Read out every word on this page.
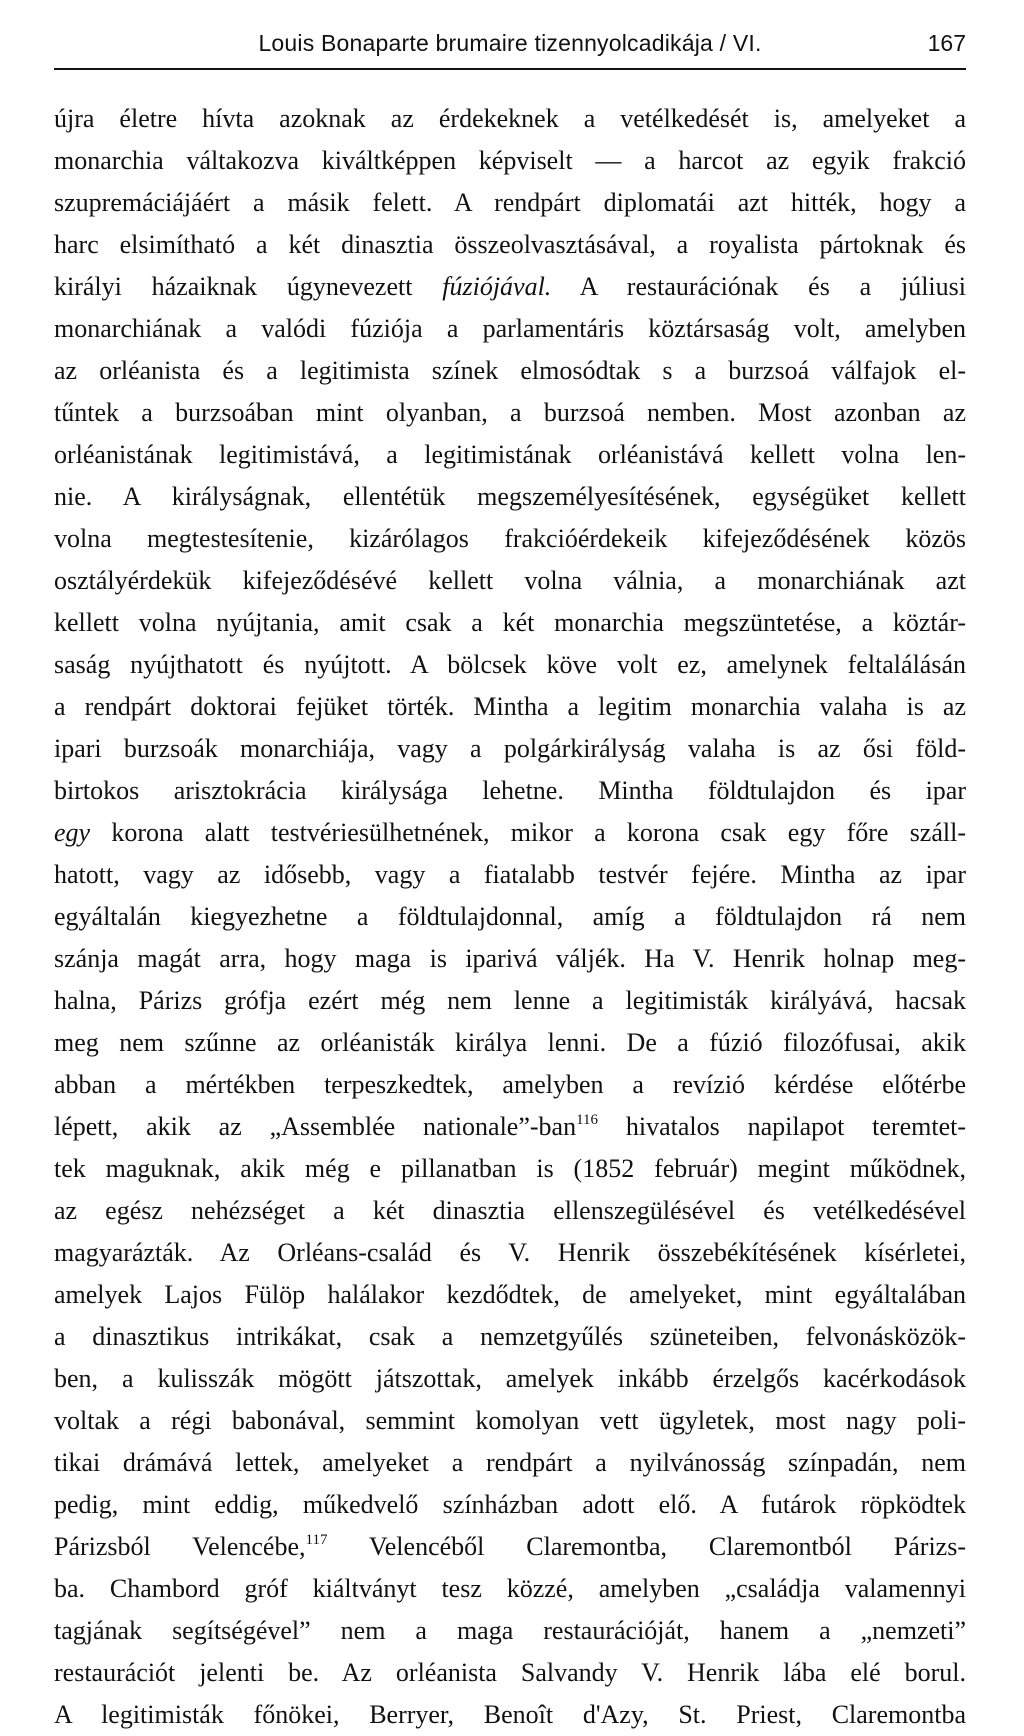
Louis Bonaparte brumaire tizennyolcadikája / VI.	167
újra életre hívta azoknak az érdekeknek a vetélkedését is, amelyeket a
monarchia váltakozva kiváltképpen képviselt — a harcot az egyik frakció
szupremáciájáért a másik felett. A rendpárt diplomatái azt hitték, hogy a
harc elsimítható a két dinasztia összeolvasztásával, a royalista pártoknak és
királyi házaiknak úgynevezett fúziójával. A restaurációnak és a júliusi
monarchiának a valódi fúziója a parlamentáris köztársaság volt, amelyben
az orléanista és a legitimista színek elmosódtak s a burzsoá válfajok el-
tűntek a burzsoában mint olyanban, a burzsoá nemben. Most azonban az
orléanistának legitimistává, a legitimistának orléanistává kellett volna len-
nie. A királyságnak, ellentétük megszemélyesítésének, egységüket kellett
volna megtestesítenie, kizárólagos frakcióérdekeik kifejeződésének közös
osztályérdekük kifejeződésévé kellett volna válnia, a monarchiának azt
kellett volna nyújtania, amit csak a két monarchia megszüntetése, a köztár-
saság nyújthatott és nyújtott. A bölcsek köve volt ez, amelynek feltalálásán
a rendpárt doktorai fejüket törték. Mintha a legitim monarchia valaha is az
ipari burzsoák monarchiája, vagy a polgárkirályság valaha is az ősi föld-
birtokos arisztokrácia királysága lehetne. Mintha földtulajdon és ipar
egy korona alatt testvériesülhetnének, mikor a korona csak egy főre száll-
hatott, vagy az idősebb, vagy a fiatalabb testvér fejére. Mintha az ipar
egyáltalán kiegyezhetne a földtulajdonnal, amíg a földtulajdon rá nem
szánja magát arra, hogy maga is iparivá váljék. Ha V. Henrik holnap meg-
halna, Párizs grófja ezért még nem lenne a legitimisták királyává, hacsak
meg nem szűnne az orléanisták királya lenni. De a fúzió filozófusai, akik
abban a mértékben terpeszkedtek, amelyben a revízió kérdése előtérbe
lépett, akik az „Assemblée nationale”-ban$^{116}$ hivatalos napilapot teremtet-
tek maguknak, akik még e pillanatban is (1852 február) megint működnek,
az egész nehézséget a két dinasztia ellenszegülésével és vetélkedésével
magyarázták. Az Orléans-család és V. Henrik összebékítésének kísérletei,
amelyek Lajos Fülöp halálakor kezdődtek, de amelyeket, mint egyáltalában
a dinasztikus intrikákat, csak a nemzetgyűlés szüneteiben, felvonásközök-
ben, a kulisszák mögött játszottak, amelyek inkább érzelgős kacérkodások
voltak a régi babonával, semmint komolyan vett ügyletek, most nagy poli-
tikai drámává lettek, amelyeket a rendpárt a nyilvánosság színpadán, nem
pedig, mint eddig, műkedvelő színházban adott elő. A futárok röpködtek
Párizsból Velencébe,$^{117}$ Velencéből Claremontba, Claremontból Párizs-
ba. Chambord gróf kiáltványt tesz közzé, amelyben „családja valamennyi
tagjának segítségével” nem a maga restaurációját, hanem a „nemzeti”
restaurációt jelenti be. Az orléanista Salvandy V. Henrik lába elé borul.
A legitimisták főnökei, Berryer, Benoît d'Azy, St. Priest, Claremontba
